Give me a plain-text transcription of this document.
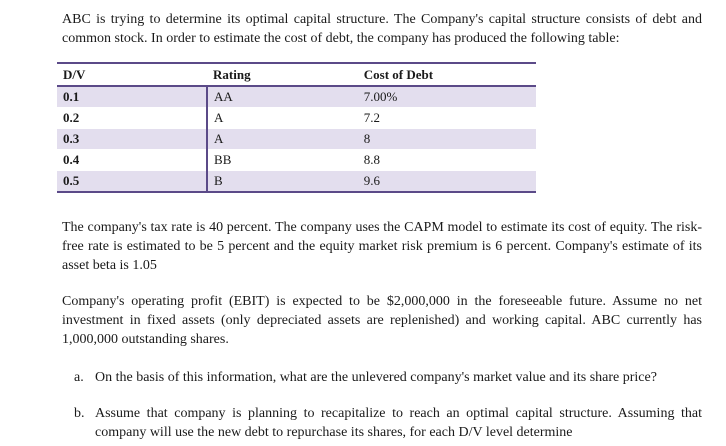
ABC is trying to determine its optimal capital structure. The Company's capital structure consists of debt and common stock. In order to estimate the cost of debt, the company has produced the following table:

D/V	Rating	Cost of Debt
0.1	AA	7.00%
0.2	A	7.2
0.3	A	8
0.4	BB	8.8
0.5	B	9.6

The company's tax rate is 40 percent. The company uses the CAPM model to estimate its cost of equity. The risk-free rate is estimated to be 5 percent and the equity market risk premium is 6 percent. Company's estimate of its asset beta is 1.05

Company's operating profit (EBIT) is expected to be $2,000,000 in the foreseeable future. Assume no net investment in fixed assets (only depreciated assets are replenished) and working capital. ABC currently has 1,000,000 outstanding shares.

a. On the basis of this information, what are the unlevered company's market value and its share price?
b. Assume that company is planning to recapitalize to reach an optimal capital structure. Assuming that company will use the new debt to repurchase its shares, for each D/V level determine
